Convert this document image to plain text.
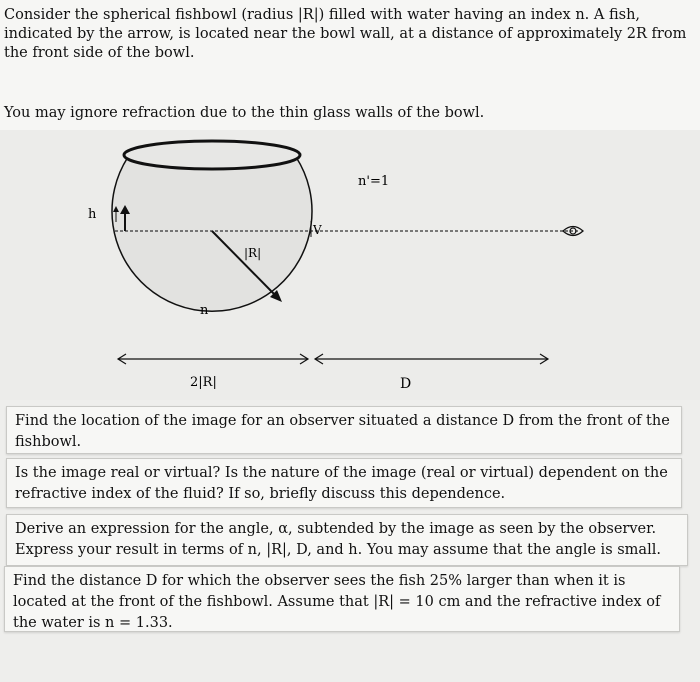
Consider the spherical fishbowl (radius |R|) filled with water having an index n. A fish, indicated by the arrow, is located near the bowl wall, at a distance of approximately 2R from the front side of the bowl.

You may ignore refraction due to the thin glass walls of the bowl.

n'=1
h
|R|
n
V
2|R|	D
Find the location of the image for an observer situated a distance D from the front of the fishbowl.
Is the image real or virtual? Is the nature of the image (real or virtual) dependent on the refractive index of the fluid? If so, briefly discuss this dependence.
Derive an expression for the angle, α, subtended by the image as seen by the observer. Express your result in terms of n, |R|, D, and h. You may assume that the angle is small.
Find the distance D for which the observer sees the fish 25% larger than when it is located at the front of the fishbowl. Assume that |R| = 10 cm and the refractive index of the water is n = 1.33.
